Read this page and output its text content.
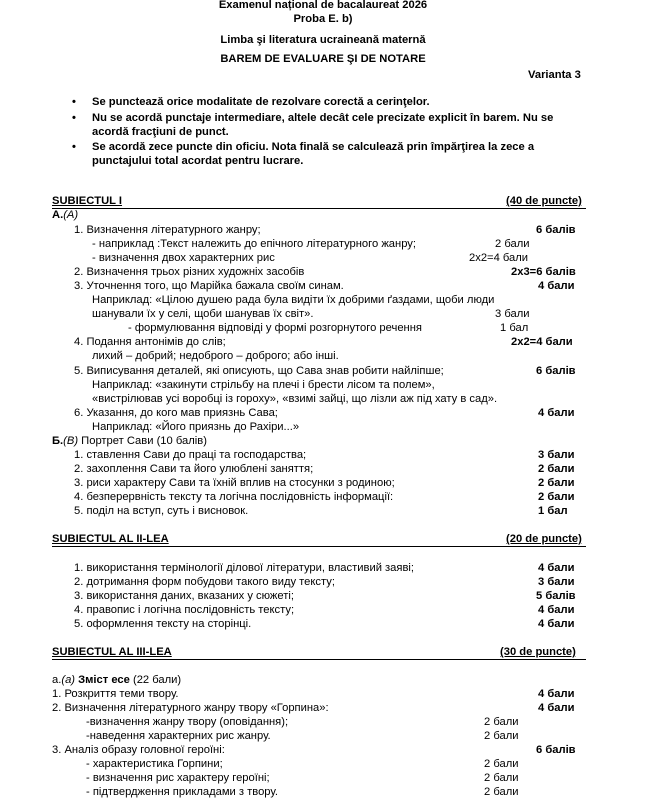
Examenul național de bacalaureat 2026
Proba E. b)
Limba şi literatura ucraineană maternă
BAREM DE EVALUARE ŞI DE NOTARE
Varianta 3
• Se punctează orice modalitate de rezolvare corectă a cerinţelor.
• Nu se acordă punctaje intermediare, altele decât cele precizate explicit în barem. Nu se acordă fracţiuni de punct.
• Se acordă zece puncte din oficiu. Nota finală se calculează prin împărţirea la zece a punctajului total acordat pentru lucrare.
SUBIECTUL I	(40 de puncte)
A.(A)
1. Визначення літературного жанру;	6 балів
- наприклад :Текст належить до епічного літературного жанру;	2 бали
- визначення двох характерних рис	2х2=4 бали
2. Визначення трьох різних художніх засобів	2х3=6 балів
3. Уточнення того, що Марійка бажала своїм синам.	4 бали
Наприклад: «Цілою душею рада була видіти їх добрими ґаздами, щоби люди
шанували їх у селі, щоби шанував їх світ».	3 бали
- формулювання відповіді у формі розгорнутого речення	1 бал
4. Подання антонімів до слів;	2х2=4 бали
лихий – добрий; недоброго – доброго; або інші.
5. Виписування деталей, які описують, що Сава знав робити найліпше;	6 балів
Наприклад: «закинути стрільбу на плечі і брести лісом та полем»,
«вистрілював усі воробці із гороху», «взимі зайці, що лізли аж під хату в сад».
6. Указання, до кого мав приязнь Сава;	4 бали
Наприклад: «Його приязнь до Рахіри...»
Б.(B) Портрет Сави (10 балів)
1. ставлення Сави до праці та господарства;	3 бали
2. захоплення Сави та його улюблені заняття;	2 бали
3. риси характеру Сави та їхній вплив на стосунки з родиною;	2 бали
4. безперервність тексту та логічна послідовність інформації:	2 бали
5. поділ на вступ, суть і висновок.	1 бал
SUBIECTUL AL II-LEA	(20 de puncte)
1. використання термінології ділової літератури, властивий заяві;	4 бали
2. дотримання форм побудови такого виду тексту;	3 бали
3. використання даних, вказаних у сюжеті;	5 балів
4. правопис і логічна послідовність тексту;	4 бали
5. оформлення тексту на сторінці.	4 бали
SUBIECTUL AL III-LEA	(30 de puncte)
a.(a) Зміст есе (22 бали)
1. Розкриття теми твору.	4 бали
2. Визначення літературного жанру твору «Горпина»:	4 бали
-визначення жанру твору (оповідання);	2 бали
-наведення характерних рис жанру.	2 бали
3. Аналіз образу головної героїні:	6 балів
- характеристика Горпини;	2 бали
- визначення рис характеру героїні;	2 бали
- підтвердження прикладами з твору.	2 бали
